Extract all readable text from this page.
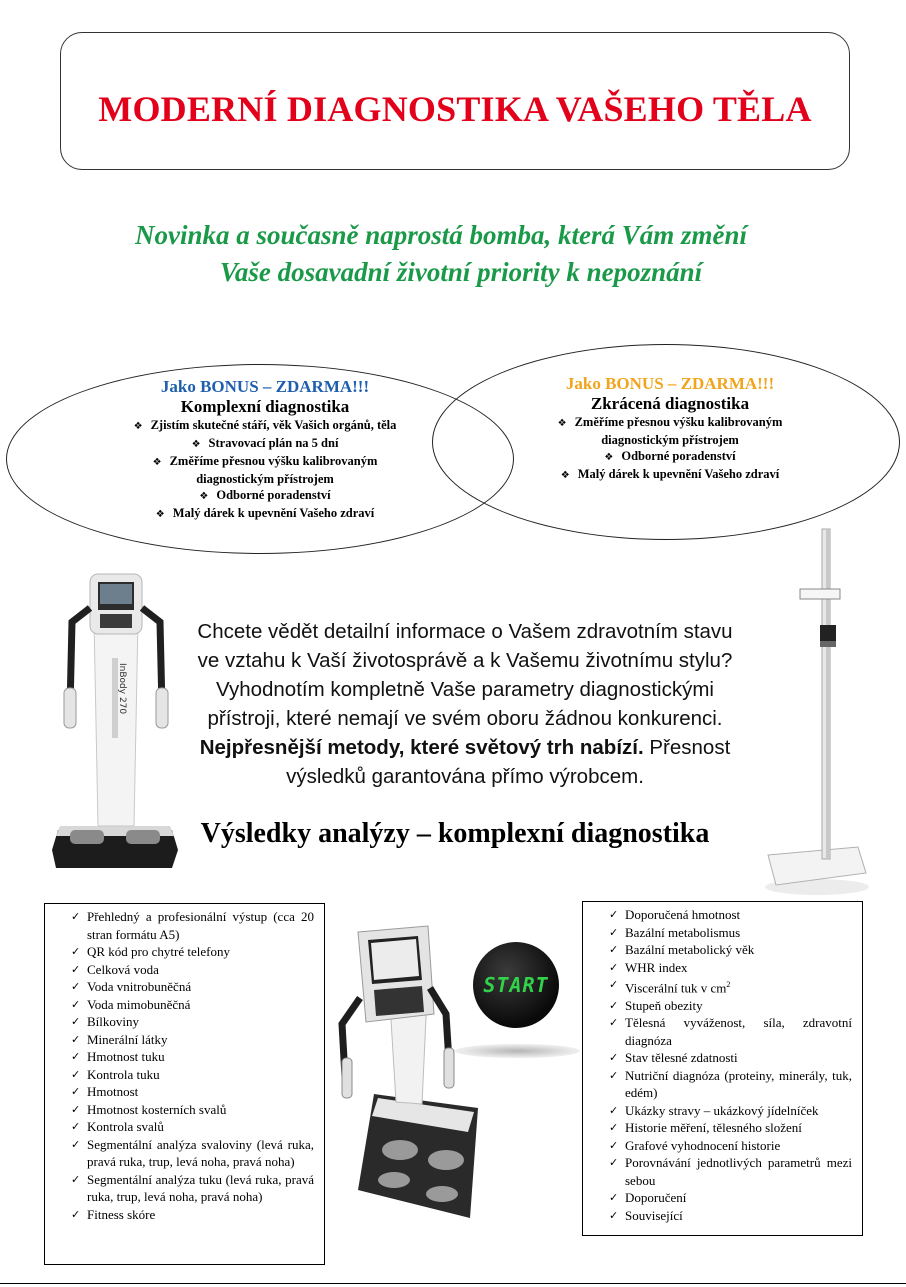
MODERNÍ DIAGNOSTIKA VAŠEHO TĚLA
Novinka a současně naprostá bomba, která Vám změní
Vaše dosavadní životní priority k nepoznání
Jako BONUS – ZDARMA!!!
Komplexní diagnostika
❖ Zjistím skutečné stáří, věk Vašich orgánů, těla
❖ Stravovací plán na 5 dní
❖ Změříme přesnou výšku kalibrovaným
diagnostickým přístrojem
❖ Odborné poradenství
❖ Malý dárek k upevnění Vašeho zdraví
Jako BONUS – ZDARMA!!!
Zkrácená diagnostika
❖ Změříme přesnou výšku kalibrovaným
diagnostickým přístrojem
❖ Odborné poradenství
❖ Malý dárek k upevnění Vašeho zdraví
InBody 270
Chcete vědět detailní informace o Vašem zdravotním stavu
ve vztahu k Vaší životosprávě a k Vašemu životnímu stylu?
Vyhodnotím kompletně Vaše parametry diagnostickými
přístroji, které nemají ve svém oboru žádnou konkurenci.
Nejpřesnější metody, které světový trh nabízí. Přesnost
výsledků garantována přímo výrobcem.
Výsledky analýzy – komplexní diagnostika
✓ Přehledný a profesionální výstup (cca 20 stran formátu A5)
✓ QR kód pro chytré telefony
✓ Celková voda
✓ Voda vnitrobuněčná
✓ Voda mimobuněčná
✓ Bílkoviny
✓ Minerální látky
✓ Hmotnost tuku
✓ Kontrola tuku
✓ Hmotnost
✓ Hmotnost kosterních svalů
✓ Kontrola svalů
✓ Segmentální analýza svaloviny (levá ruka, pravá ruka, trup, levá noha, pravá noha)
✓ Segmentální analýza tuku (levá ruka, pravá ruka, trup, levá noha, pravá noha)
✓ Fitness skóre
START
✓ Doporučená hmotnost
✓ Bazální metabolismus
✓ Bazální metabolický věk
✓ WHR index
✓ Viscerální tuk v $cm^2$
✓ Stupeň obezity
✓ Tělesná vyváženost, síla, zdravotní diagnóza
✓ Stav tělesné zdatnosti
✓ Nutriční diagnóza (proteiny, minerály, tuk, edém)
✓ Ukázky stravy – ukázkový jídelníček
✓ Historie měření, tělesného složení
✓ Grafové vyhodnocení historie
✓ Porovnávání jednotlivých parametrů mezi sebou
✓ Doporučení
✓ Související
